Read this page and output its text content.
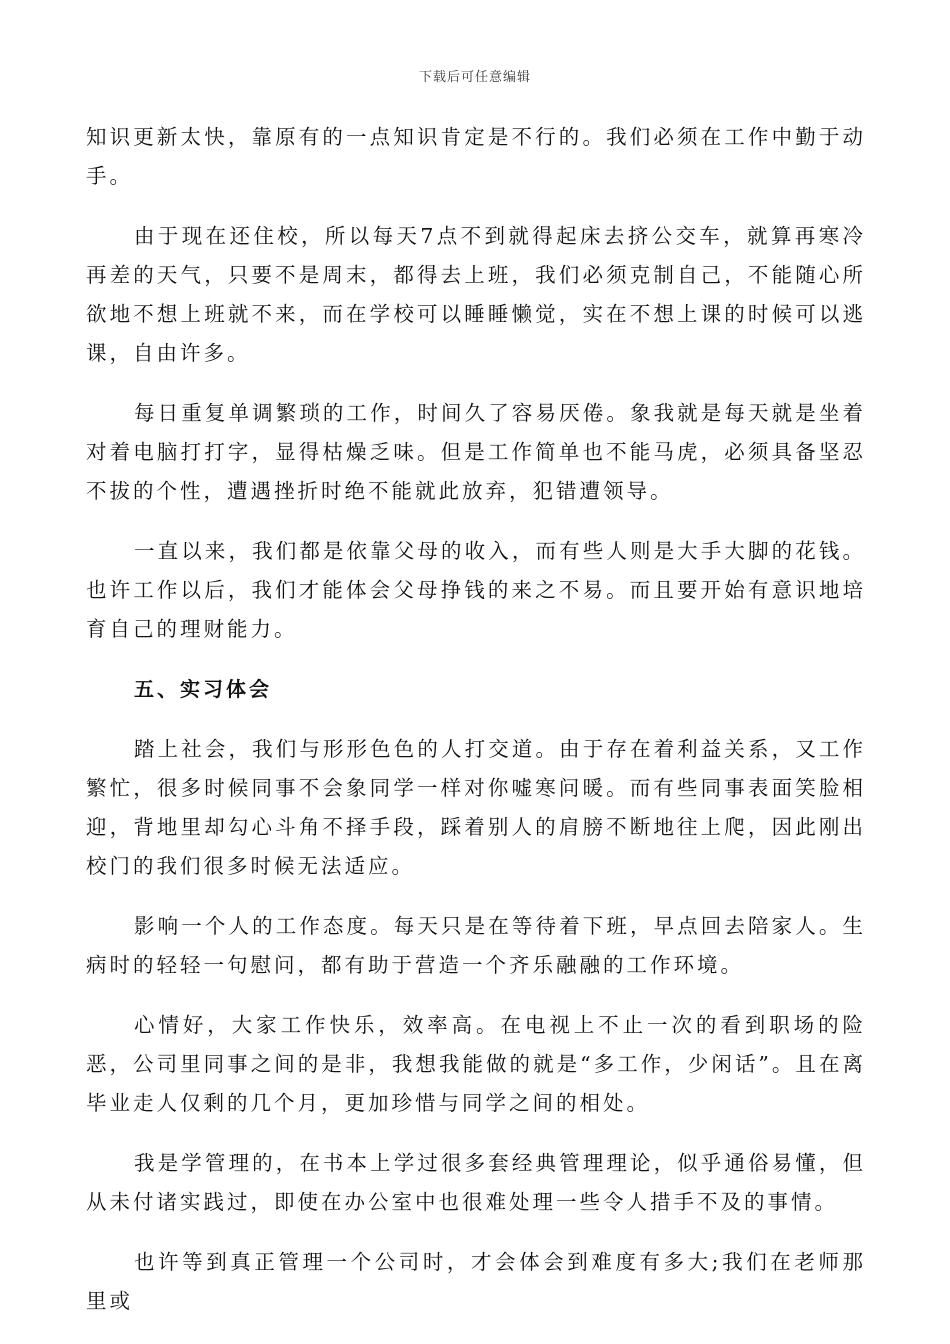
下载后可任意编辑

知识更新太快，靠原有的一点知识肯定是不行的。我们必须在工作中勤于动手。

由于现在还住校，所以每天7点不到就得起床去挤公交车，就算再寒冷再差的天气，只要不是周末，都得去上班，我们必须克制自己，不能随心所欲地不想上班就不来，而在学校可以睡睡懒觉，实在不想上课的时候可以逃课，自由许多。

每日重复单调繁琐的工作，时间久了容易厌倦。象我就是每天就是坐着对着电脑打打字，显得枯燥乏味。但是工作简单也不能马虎，必须具备坚忍不拔的个性，遭遇挫折时绝不能就此放弃，犯错遭领导。

一直以来，我们都是依靠父母的收入，而有些人则是大手大脚的花钱。也许工作以后，我们才能体会父母挣钱的来之不易。而且要开始有意识地培育自己的理财能力。

五、实习体会

踏上社会，我们与形形色色的人打交道。由于存在着利益关系，又工作繁忙，很多时候同事不会象同学一样对你嘘寒问暖。而有些同事表面笑脸相迎，背地里却勾心斗角不择手段，踩着别人的肩膀不断地往上爬，因此刚出校门的我们很多时候无法适应。

影响一个人的工作态度。每天只是在等待着下班，早点回去陪家人。生病时的轻轻一句慰问，都有助于营造一个齐乐融融的工作环境。

心情好，大家工作快乐，效率高。在电视上不止一次的看到职场的险恶，公司里同事之间的是非，我想我能做的就是“多工作，少闲话”。且在离毕业走人仅剩的几个月，更加珍惜与同学之间的相处。

我是学管理的，在书本上学过很多套经典管理理论，似乎通俗易懂，但从未付诸实践过，即使在办公室中也很难处理一些令人措手不及的事情。

也许等到真正管理一个公司时，才会体会到难度有多大;我们在老师那里或
